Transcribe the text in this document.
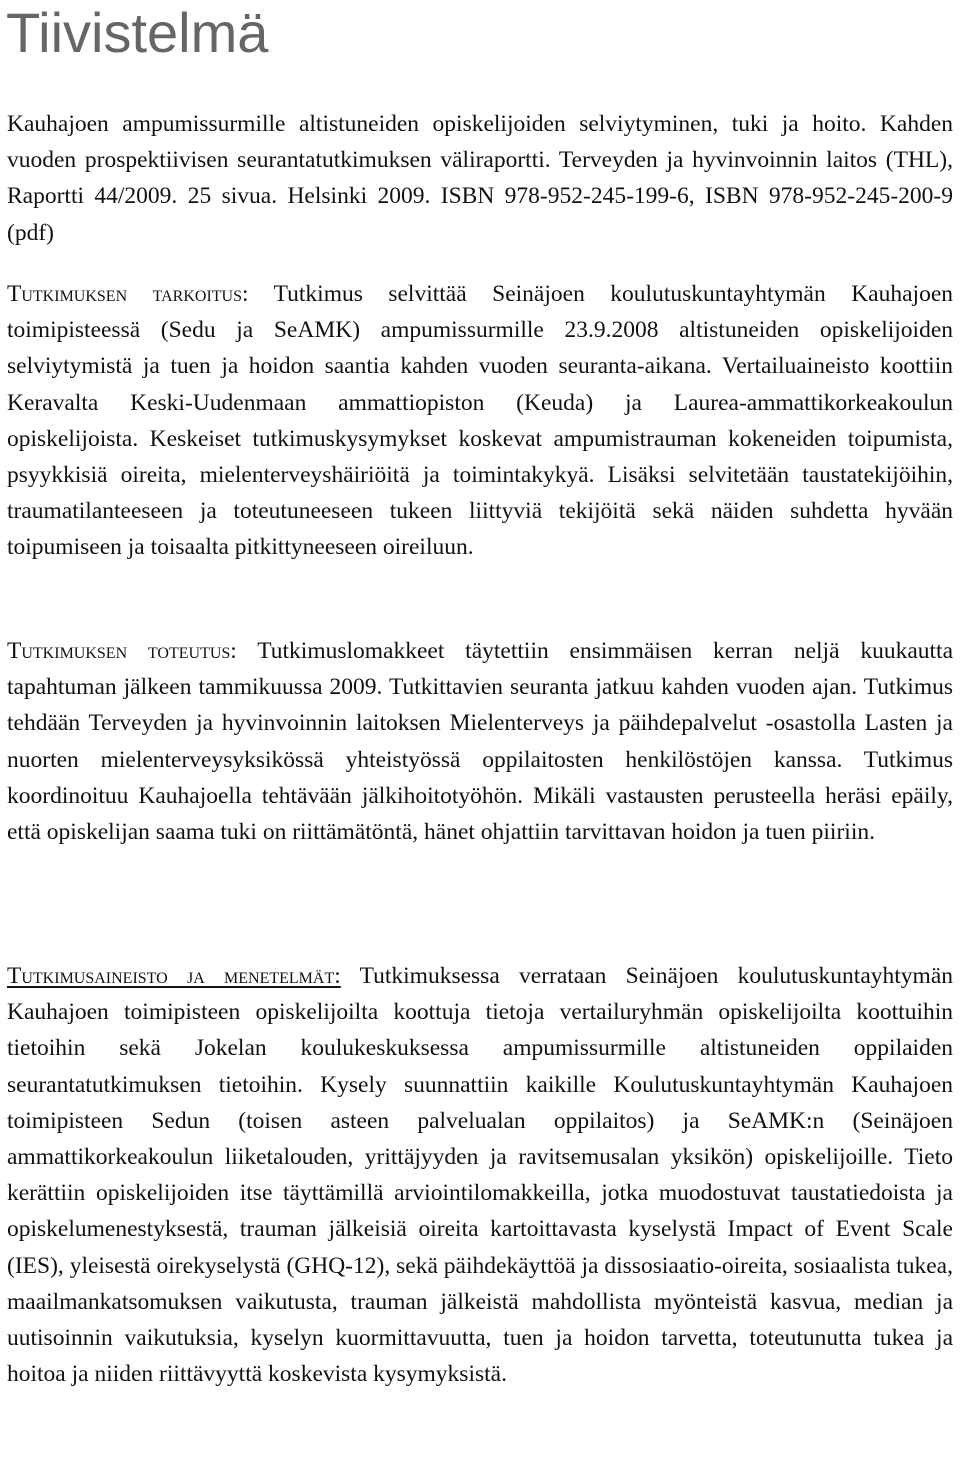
Tiivistelmä

Kauhajoen ampumissurmille altistuneiden opiskelijoiden selviytyminen, tuki ja hoito. Kahden vuoden prospektiivisen seurantatutkimuksen väliraportti. Terveyden ja hyvinvoinnin laitos (THL), Raportti 44/2009. 25 sivua. Helsinki 2009. ISBN 978-952-245-199-6, ISBN 978-952-245-200-9 (pdf)

Tutkimuksen tarkoitus: Tutkimus selvittää Seinäjoen koulutuskuntayhtymän Kauhajoen toimipisteessä (Sedu ja SeAMK) ampumissurmille 23.9.2008 altistuneiden opiskelijoiden selviytymistä ja tuen ja hoidon saantia kahden vuoden seuranta-aikana. Vertailuaineisto koottiin Keravalta Keski-Uudenmaan ammattiopiston (Keuda) ja Laurea-ammattikorkeakoulun opiskelijoista. Keskeiset tutkimuskysymykset koskevat ampumistrauman kokeneiden toipumista, psyykkisiä oireita, mielenterveyshäiriöitä ja toimintakykyä. Lisäksi selvitetään taustatekijöihin, traumatilanteeseen ja toteutuneeseen tukeen liittyviä tekijöitä sekä näiden suhdetta hyvään toipumiseen ja toisaalta pitkittyneeseen oireiluun.

Tutkimuksen toteutus: Tutkimuslomakkeet täytettiin ensimmäisen kerran neljä kuukautta tapahtuman jälkeen tammikuussa 2009. Tutkittavien seuranta jatkuu kahden vuoden ajan. Tutkimus tehdään Terveyden ja hyvinvoinnin laitoksen Mielenterveys ja päihdepalvelut -osastolla Lasten ja nuorten mielenterveysyksikössä yhteistyössä oppilaitosten henkilöstöjen kanssa. Tutkimus koordinoituu Kauhajoella tehtävään jälkihoitotyöhön. Mikäli vastausten perusteella heräsi epäily, että opiskelijan saama tuki on riittämätöntä, hänet ohjattiin tarvittavan hoidon ja tuen piiriin.

Tutkimusaineisto ja menetelmät: Tutkimuksessa verrataan Seinäjoen koulutuskuntayhtymän Kauhajoen toimipisteen opiskelijoilta koottuja tietoja vertailuryhmän opiskelijoilta koottuihin tietoihin sekä Jokelan koulukeskuksessa ampumissurmille altistuneiden oppilaiden seurantatutkimuksen tietoihin. Kysely suunnattiin kaikille Koulutuskuntayhtymän Kauhajoen toimipisteen Sedun (toisen asteen palvelualan oppilaitos) ja SeAMK:n (Seinäjoen ammattikorkeakoulun liiketalouden, yrittäjyyden ja ravitsemusalan yksikön) opiskelijoille. Tieto kerättiin opiskelijoiden itse täyttämillä arviointilomakkeilla, jotka muodostuvat taustatiedoista ja opiskelumenestyksestä, trauman jälkeisiä oireita kartoittavasta kyselystä Impact of Event Scale (IES), yleisestä oirekyselystä (GHQ-12), sekä päihdekäyttöä ja dissosiaatio-oireita, sosiaalista tukea, maailmankatsomuksen vaikutusta, trauman jälkeistä mahdollista myönteistä kasvua, median ja uutisoinnin vaikutuksia, kyselyn kuormittavuutta, tuen ja hoidon tarvetta, toteutunutta tukea ja hoitoa ja niiden riittävyyttä koskevista kysymyksistä.
